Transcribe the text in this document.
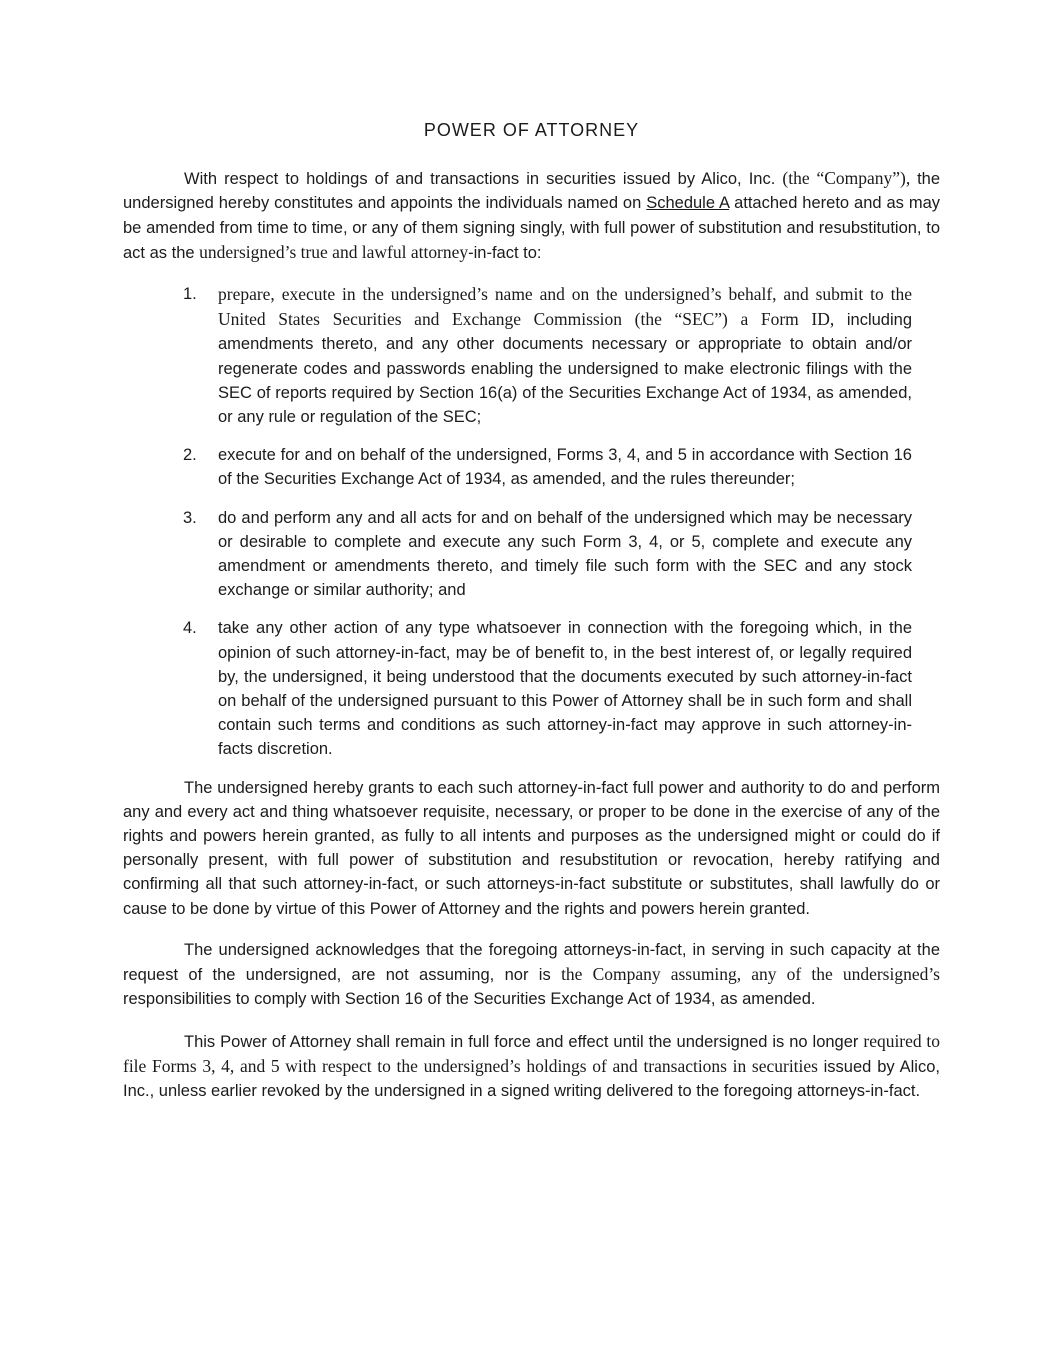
POWER OF ATTORNEY

With respect to holdings of and transactions in securities issued by Alico, Inc. (the “Company”), the undersigned hereby constitutes and appoints the individuals named on Schedule A attached hereto and as may be amended from time to time, or any of them signing singly, with full power of substitution and resubstitution, to act as the undersigned’s true and lawful attorney-in-fact to:

1. prepare, execute in the undersigned’s name and on the undersigned’s behalf, and submit to the United States Securities and Exchange Commission (the “SEC”) a Form ID, including amendments thereto, and any other documents necessary or appropriate to obtain and/or regenerate codes and passwords enabling the undersigned to make electronic filings with the SEC of reports required by Section 16(a) of the Securities Exchange Act of 1934, as amended, or any rule or regulation of the SEC;
2. execute for and on behalf of the undersigned, Forms 3, 4, and 5 in accordance with Section 16 of the Securities Exchange Act of 1934, as amended, and the rules thereunder;
3. do and perform any and all acts for and on behalf of the undersigned which may be necessary or desirable to complete and execute any such Form 3, 4, or 5, complete and execute any amendment or amendments thereto, and timely file such form with the SEC and any stock exchange or similar authority; and
4. take any other action of any type whatsoever in connection with the foregoing which, in the opinion of such attorney-in-fact, may be of benefit to, in the best interest of, or legally required by, the undersigned, it being understood that the documents executed by such attorney-in-fact on behalf of the undersigned pursuant to this Power of Attorney shall be in such form and shall contain such terms and conditions as such attorney-in-fact may approve in such attorney-in-facts discretion.

The undersigned hereby grants to each such attorney-in-fact full power and authority to do and perform any and every act and thing whatsoever requisite, necessary, or proper to be done in the exercise of any of the rights and powers herein granted, as fully to all intents and purposes as the undersigned might or could do if personally present, with full power of substitution and resubstitution or revocation, hereby ratifying and confirming all that such attorney-in-fact, or such attorneys-in-fact substitute or substitutes, shall lawfully do or cause to be done by virtue of this Power of Attorney and the rights and powers herein granted.

The undersigned acknowledges that the foregoing attorneys-in-fact, in serving in such capacity at the request of the undersigned, are not assuming, nor is the Company assuming, any of the undersigned’s responsibilities to comply with Section 16 of the Securities Exchange Act of 1934, as amended.

This Power of Attorney shall remain in full force and effect until the undersigned is no longer required to file Forms 3, 4, and 5 with respect to the undersigned’s holdings of and transactions in securities issued by Alico, Inc., unless earlier revoked by the undersigned in a signed writing delivered to the foregoing attorneys-in-fact.
